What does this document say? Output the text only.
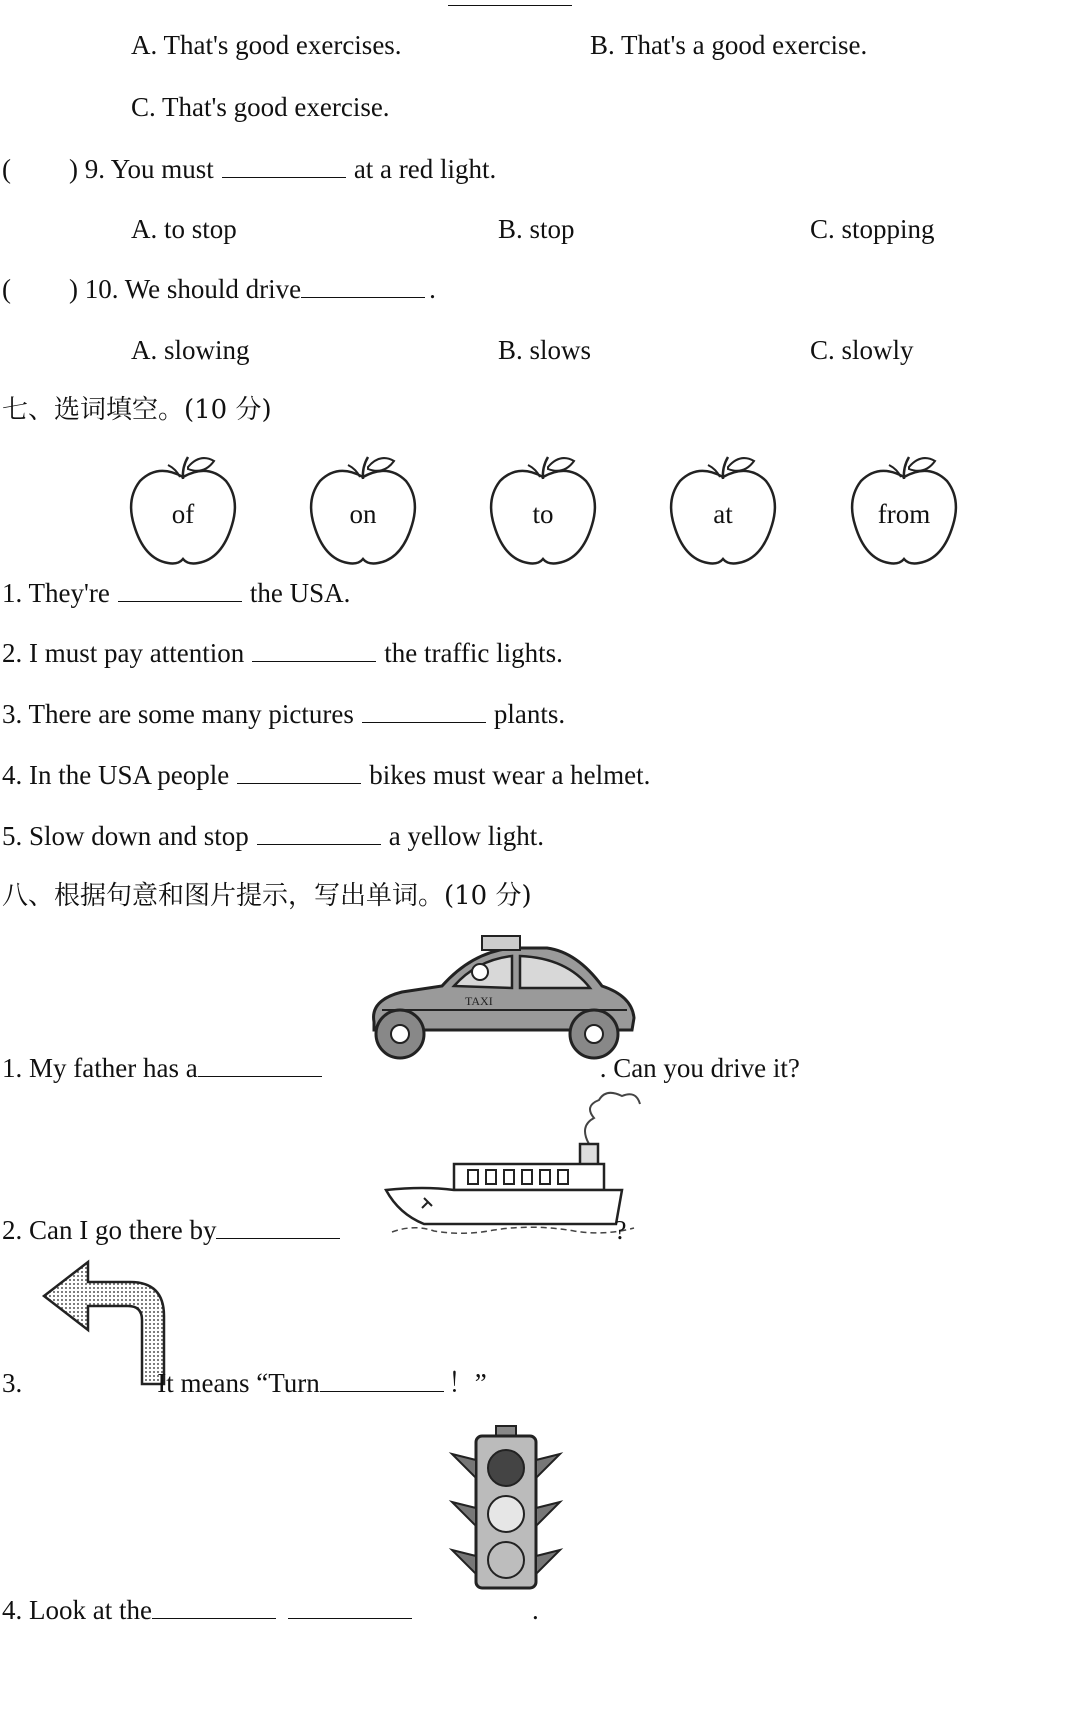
A. That's good exercises.	B. That's a good exercise.
C. That's good exercise.
( ) 9. You must	at a red light.
A. to stop	B. stop	C. stopping
( ) 10. We should drive	.
A. slowing	B. slows	C. slowly
七、选词填空。(10 分)
of	on	to	at	from
1. They're	the USA.
2. I must pay attention	the traffic lights.
3. There are some many pictures	plants.
4. In the USA people	bikes must wear a helmet.
5. Slow down and stop	a yellow light.
八、根据句意和图片提示，写出单词。(10 分)
TAXI
1. My father has a	. Can you drive it?
2. Can I go there by	?
3.	It means “Turn	！”
4. Look at the	.
